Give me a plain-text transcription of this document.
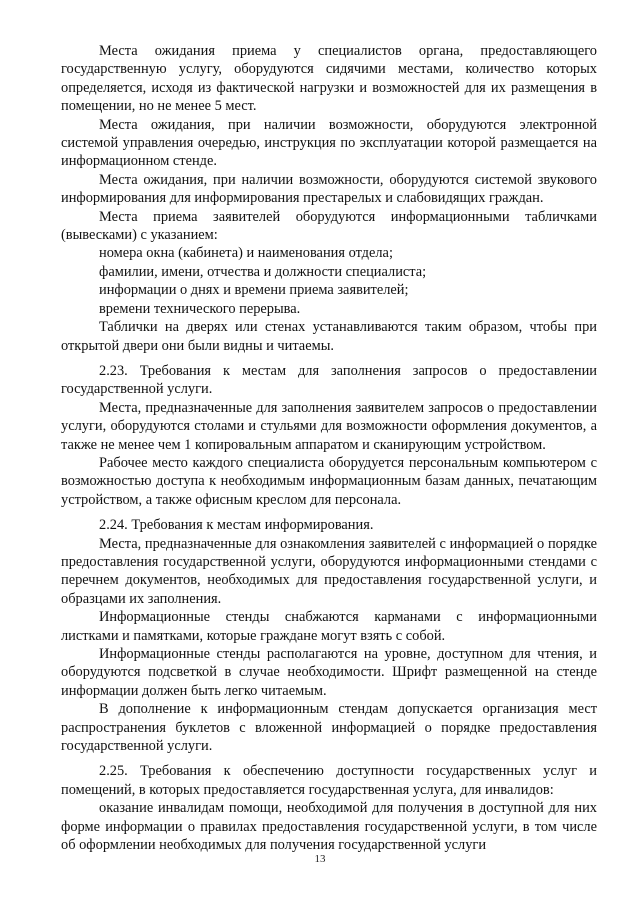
Места ожидания приема у специалистов органа, предоставляющего государственную услугу, оборудуются сидячими местами, количество которых определяется, исходя из фактической нагрузки и возможностей для их размещения в помещении, но не менее 5 мест.

Места ожидания, при наличии возможности, оборудуются электронной системой управления очередью, инструкция по эксплуатации которой размещается на информационном стенде.

Места ожидания, при наличии возможности, оборудуются системой звукового информирования для информирования престарелых и слабовидящих граждан.

Места приема заявителей оборудуются информационными табличками (вывесками) с указанием:

номера окна (кабинета) и наименования отдела;

фамилии, имени, отчества и должности специалиста;

информации о днях и времени приема заявителей;

времени технического перерыва.

Таблички на дверях или стенах устанавливаются таким образом, чтобы при открытой двери они были видны и читаемы.

2.23. Требования к местам для заполнения запросов о предоставлении государственной услуги.

Места, предназначенные для заполнения заявителем запросов о предоставлении услуги, оборудуются столами и стульями для возможности оформления документов, а также не менее чем 1 копировальным аппаратом и сканирующим устройством.

Рабочее место каждого специалиста оборудуется персональным компьютером с возможностью доступа к необходимым информационным базам данных, печатающим устройством, а также офисным креслом для персонала.

2.24. Требования к местам информирования.

Места, предназначенные для ознакомления заявителей с информацией о порядке предоставления государственной услуги, оборудуются информационными стендами с перечнем документов, необходимых для предоставления государственной услуги, и образцами их заполнения.

Информационные стенды снабжаются карманами с информационными листками и памятками, которые граждане могут взять с собой.

Информационные стенды располагаются на уровне, доступном для чтения, и оборудуются подсветкой в случае необходимости. Шрифт размещенной на стенде информации должен быть легко читаемым.

В дополнение к информационным стендам допускается организация мест распространения буклетов с вложенной информацией о порядке предоставления государственной услуги.

2.25. Требования к обеспечению доступности государственных услуг и помещений, в которых предоставляется государственная услуга, для инвалидов:

оказание инвалидам помощи, необходимой для получения в доступной для них форме информации о правилах предоставления государственной услуги, в том числе об оформлении необходимых для получения государственной услуги

13
